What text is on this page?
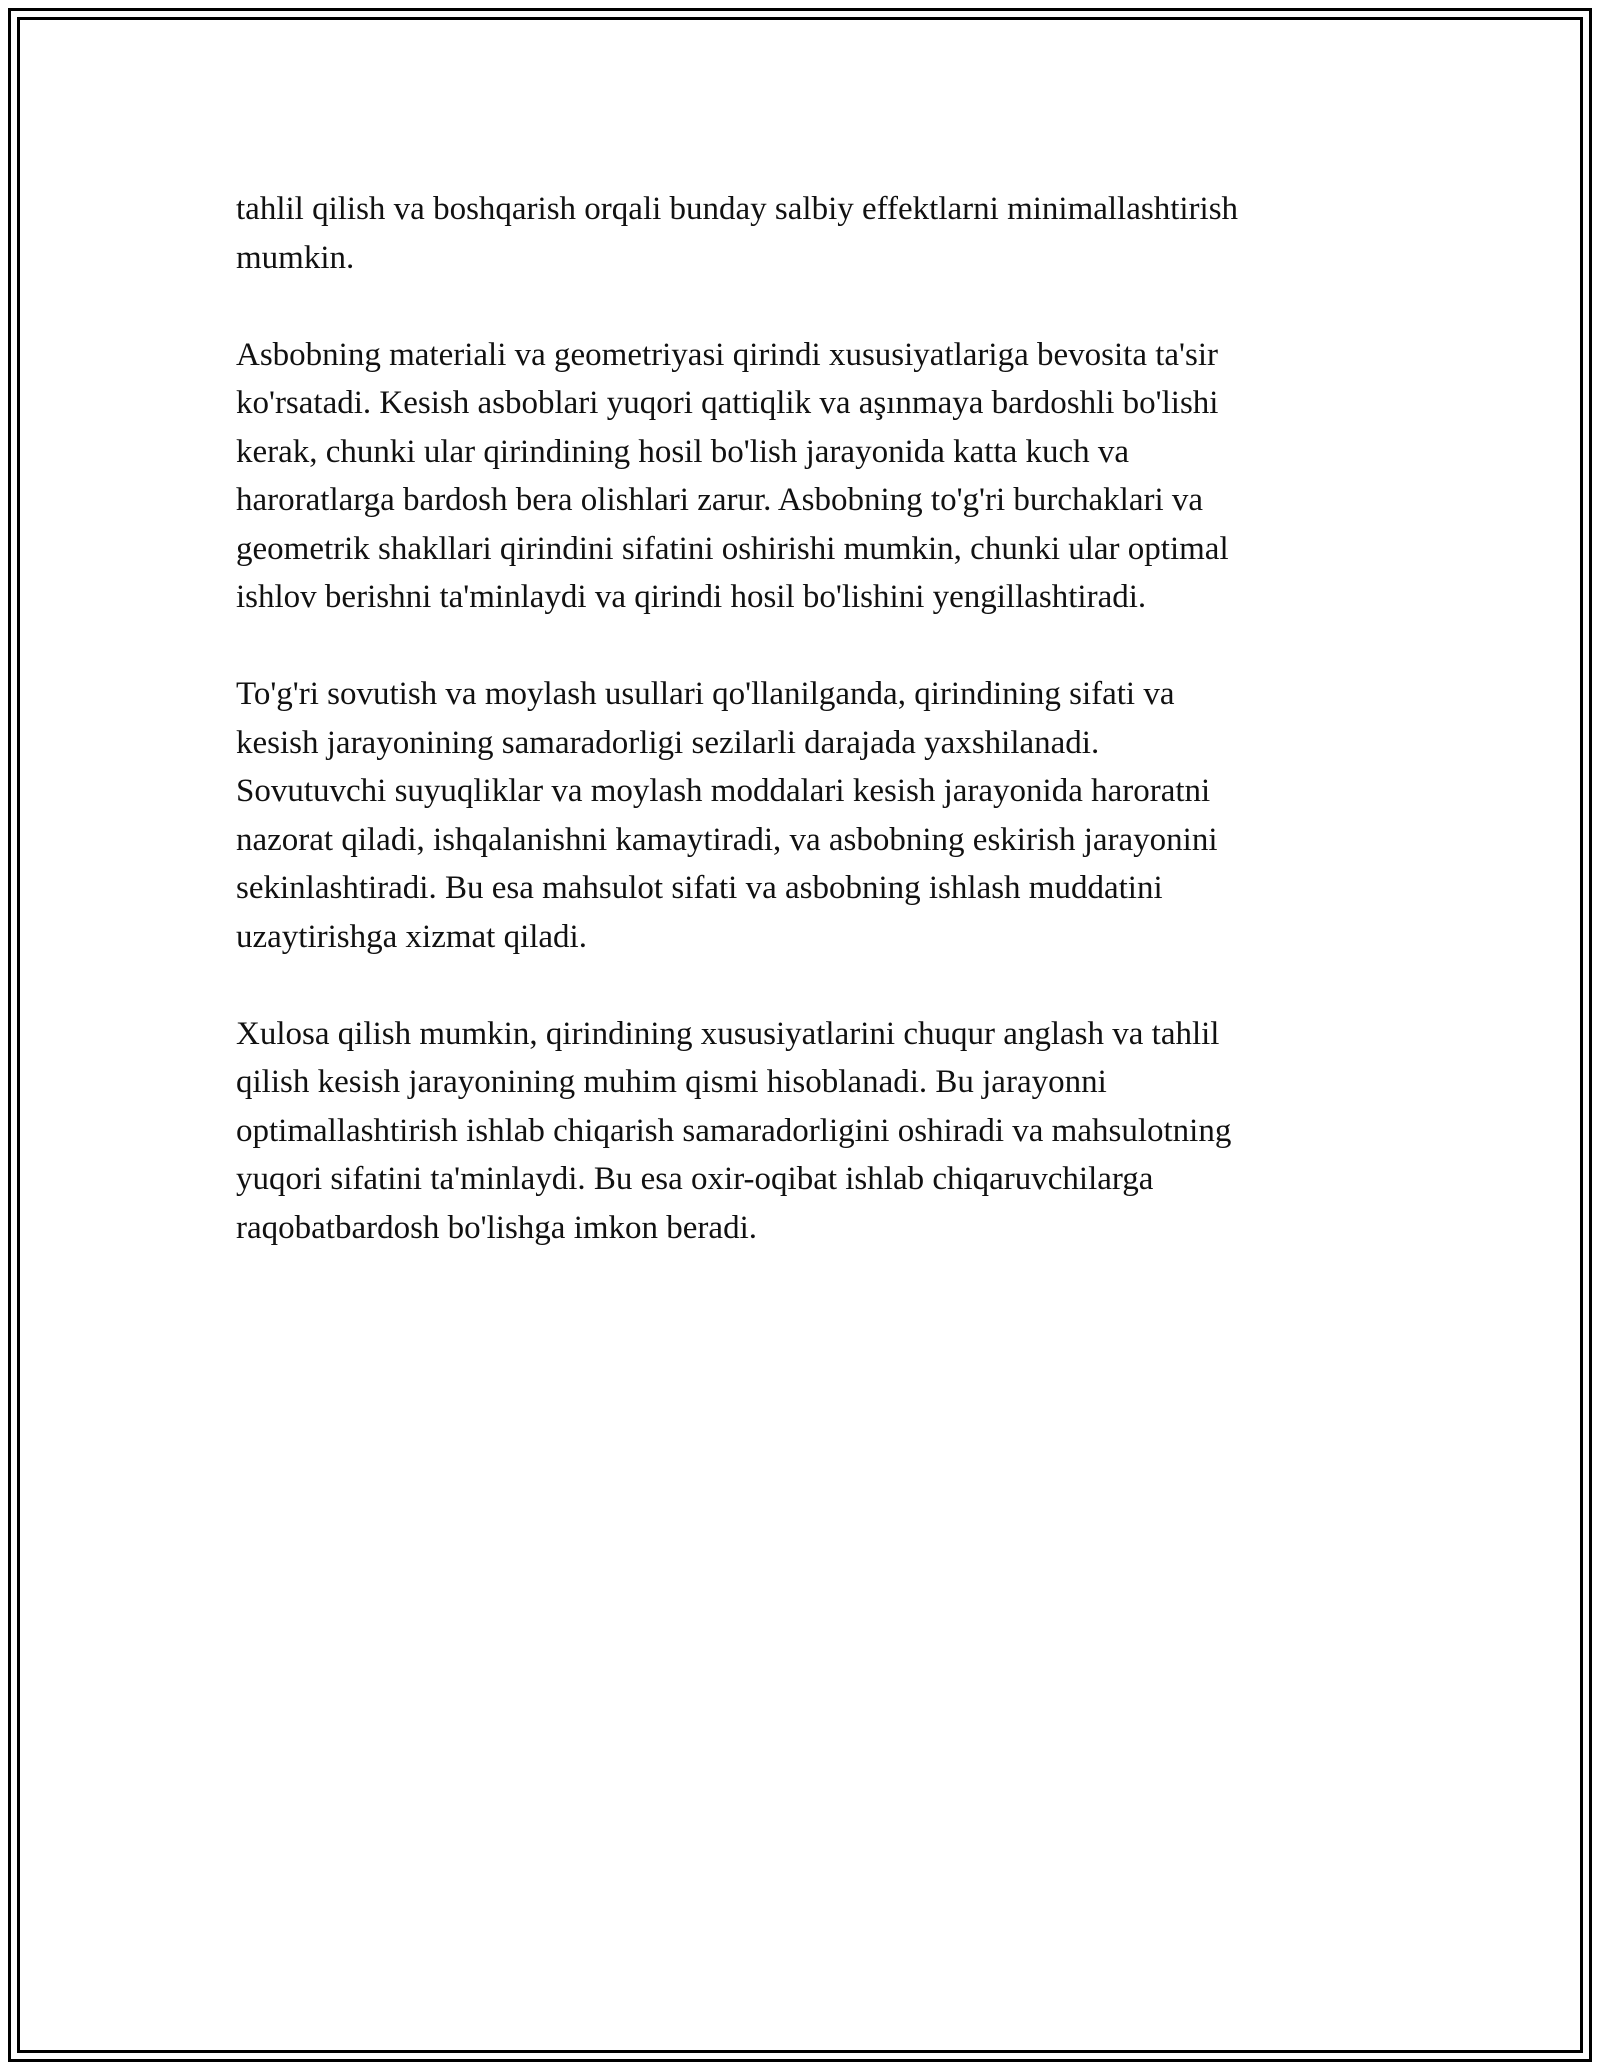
tahlil qilish va boshqarish orqali bunday salbiy effektlarni minimallashtirish
mumkin.

Asbobning materiali va geometriyasi qirindi xususiyatlariga bevosita ta'sir
ko'rsatadi. Kesish asboblari yuqori qattiqlik va aşınmaya bardoshli bo'lishi
kerak, chunki ular qirindining hosil bo'lish jarayonida katta kuch va
haroratlarga bardosh bera olishlari zarur. Asbobning to'g'ri burchaklari va
geometrik shakllari qirindini sifatini oshirishi mumkin, chunki ular optimal
ishlov berishni ta'minlaydi va qirindi hosil bo'lishini yengillashtiradi.

To'g'ri sovutish va moylash usullari qo'llanilganda, qirindining sifati va
kesish jarayonining samaradorligi sezilarli darajada yaxshilanadi.
Sovutuvchi suyuqliklar va moylash moddalari kesish jarayonida haroratni
nazorat qiladi, ishqalanishni kamaytiradi, va asbobning eskirish jarayonini
sekinlashtiradi. Bu esa mahsulot sifati va asbobning ishlash muddatini
uzaytirishga xizmat qiladi.

Xulosa qilish mumkin, qirindining xususiyatlarini chuqur anglash va tahlil
qilish kesish jarayonining muhim qismi hisoblanadi. Bu jarayonni
optimallashtirish ishlab chiqarish samaradorligini oshiradi va mahsulotning
yuqori sifatini ta'minlaydi. Bu esa oxir-oqibat ishlab chiqaruvchilarga
raqobatbardosh bo'lishga imkon beradi.
